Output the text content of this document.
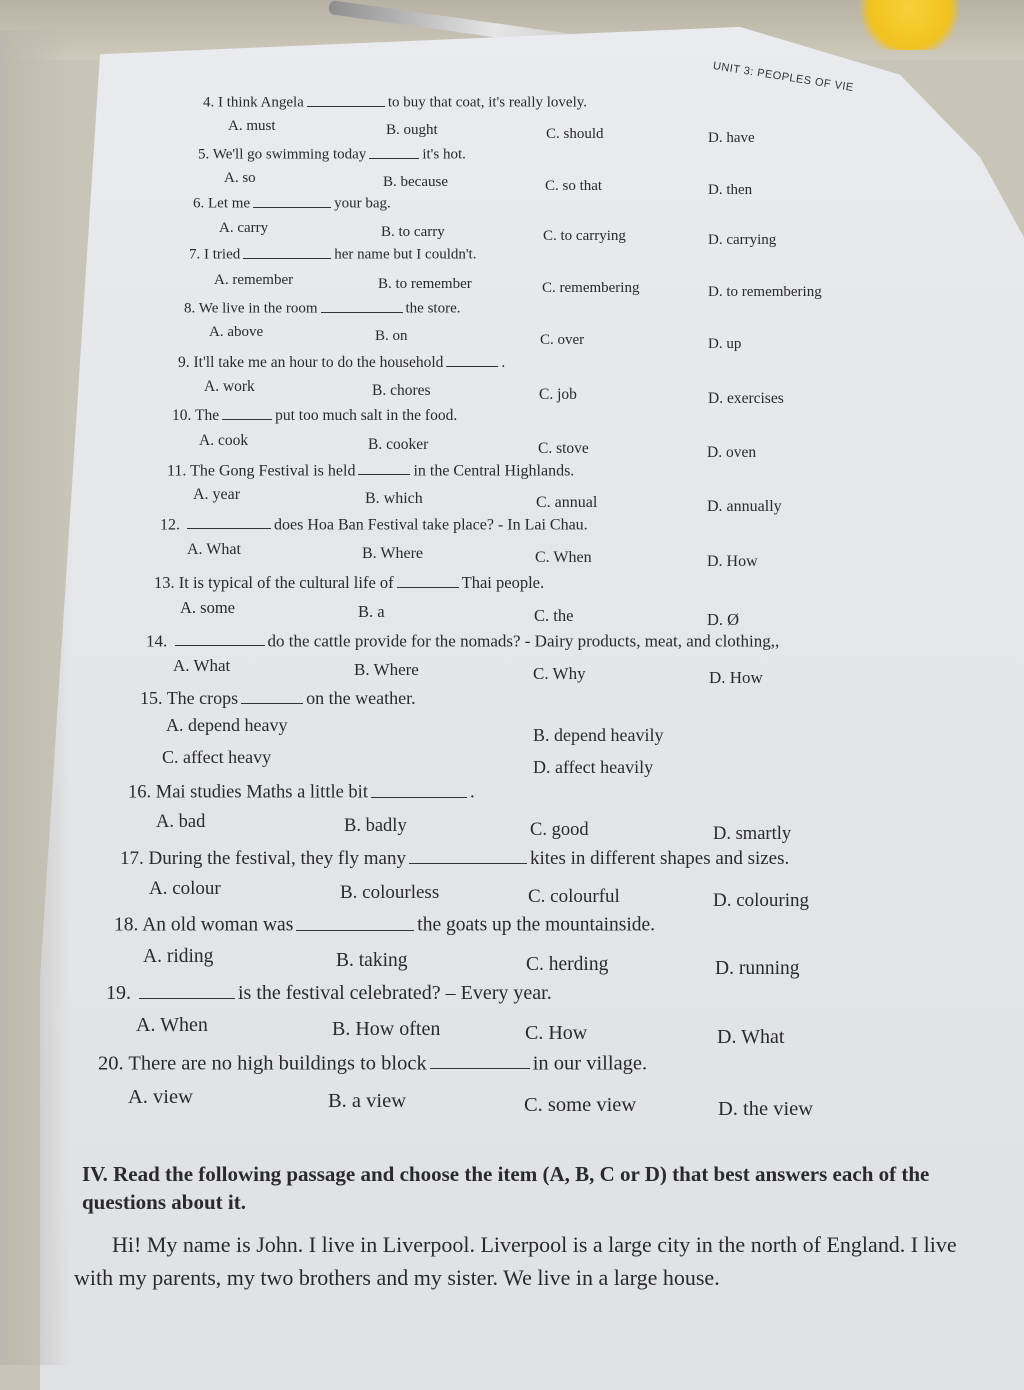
UNIT 3: PEOPLES OF VIE
4. I think Angela	to buy that coat, it's really lovely.
A. must	B. ought	C. should	D. have
5. We'll go swimming today	it's hot.
A. so	B. because	C. so that	D. then
6. Let me	your bag.
A. carry	B. to carry	C. to carrying	D. carrying
7. I tried	her name but I couldn't.
A. remember	B. to remember	C. remembering	D. to remembering
8. We live in the room	the store.
A. above	B. on	C. over	D. up
9. It'll take me an hour to do the household	.
A. work	B. chores	C. job	D. exercises
10. The	put too much salt in the food.
A. cook	B. cooker	C. stove	D. oven
11. The Gong Festival is held	in the Central Highlands.
A. year	B. which	C. annual	D. annually
12.	does Hoa Ban Festival take place? - In Lai Chau.
A. What	B. Where	C. When	D. How
13. It is typical of the cultural life of	Thai people.
A. some	B. a	C. the	D. Ø
14.	do the cattle provide for the nomads? - Dairy products, meat, and clothing,,
A. What	B. Where	C. Why	D. How
15. The crops	on the weather.
A. depend heavy	B. depend heavily
C. affect heavy	D. affect heavily
16. Mai studies Maths a little bit	.
A. bad	B. badly	C. good	D. smartly
17. During the festival, they fly many	kites in different shapes and sizes.
A. colour	B. colourless	C. colourful	D. colouring
18. An old woman was	the goats up the mountainside.
A. riding	B. taking	C. herding	D. running
19.	is the festival celebrated? – Every year.
A. When	B. How often	C. How	D. What
20. There are no high buildings to block	in our village.
A. view	B. a view	C. some view	D. the view
IV. Read the following passage and choose the item (A, B, C or D) that best answers each of the questions about it.
Hi! My name is John. I live in Liverpool. Liverpool is a large city in the north of England. I live with my parents, my two brothers and my sister. We live in a large house.
